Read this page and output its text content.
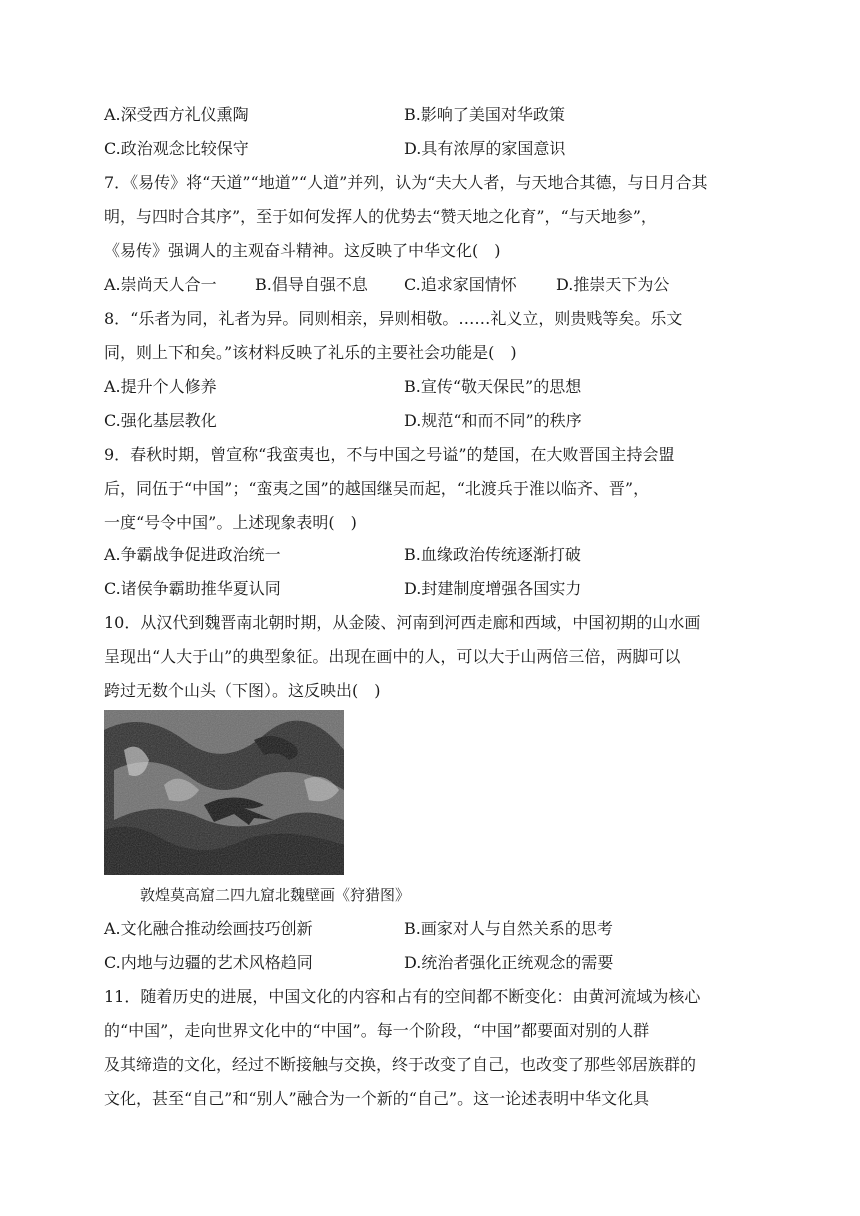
A.深受西方礼仪熏陶	B.影响了美国对华政策
C.政治观念比较保守	D.具有浓厚的家国意识
7．《易传》将“天道”“地道”“人道”并列，认为“夫大人者，与天地合其德，与日月合其
明，与四时合其序”，至于如何发挥人的优势去“赞天地之化育”，“与天地参”，
《易传》强调人的主观奋斗精神。这反映了中华文化(　)
A.崇尚天人合一 B.倡导自强不息 C.追求家国情怀 D.推崇天下为公
8．“乐者为同，礼者为异。同则相亲，异则相敬。……礼义立，则贵贱等矣。乐文
同，则上下和矣。”该材料反映了礼乐的主要社会功能是(　)
A.提升个人修养	B.宣传“敬天保民”的思想
C.强化基层教化	D.规范“和而不同”的秩序
9．春秋时期，曾宣称“我蛮夷也，不与中国之号谥”的楚国，在大败晋国主持会盟
后，同伍于“中国”；“蛮夷之国”的越国继吴而起，“北渡兵于淮以临齐、晋”，
一度“号令中国”。上述现象表明(　)
A.争霸战争促进政治统一	B.血缘政治传统逐渐打破
C.诸侯争霸助推华夏认同	D.封建制度增强各国实力
10．从汉代到魏晋南北朝时期，从金陵、河南到河西走廊和西域，中国初期的山水画
呈现出“人大于山”的典型象征。出现在画中的人，可以大于山两倍三倍，两脚可以
跨过无数个山头（下图）。这反映出(　)
敦煌莫高窟二四九窟北魏壁画《狩猎图》
A.文化融合推动绘画技巧创新	B.画家对人与自然关系的思考
C.内地与边疆的艺术风格趋同	D.统治者强化正统观念的需要
11．随着历史的进展，中国文化的内容和占有的空间都不断变化：由黄河流域为核心
的“中国”，走向世界文化中的“中国”。每一个阶段，“中国”都要面对别的人群
及其缔造的文化，经过不断接触与交换，终于改变了自己，也改变了那些邻居族群的
文化，甚至“自己”和“别人”融合为一个新的“自己”。这一论述表明中华文化具
